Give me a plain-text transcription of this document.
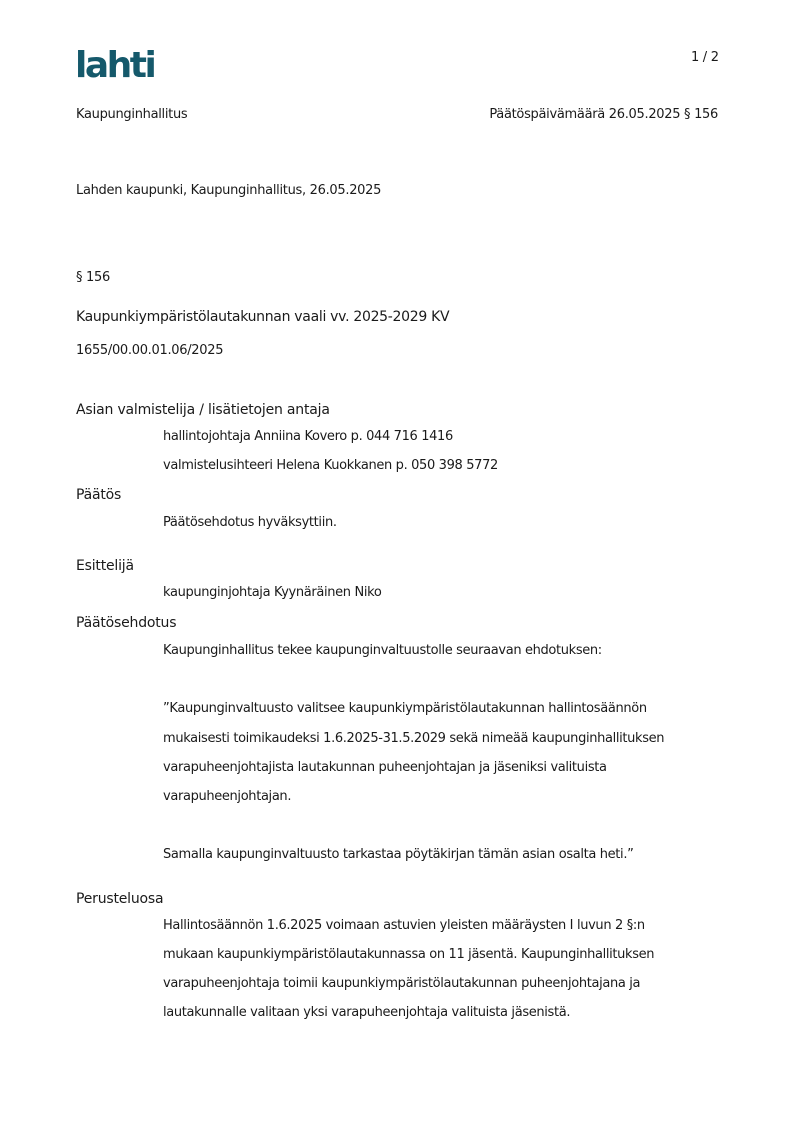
lahti	1 / 2
Kaupunginhallitus	Päätöspäivämäärä 26.05.2025 § 156
Lahden kaupunki, Kaupunginhallitus, 26.05.2025
§ 156
Kaupunkiympäristölautakunnan vaali vv. 2025-2029 KV
1655/00.00.01.06/2025
Asian valmistelija / lisätietojen antaja
hallintojohtaja Anniina Kovero p. 044 716 1416
valmistelusihteeri Helena Kuokkanen p. 050 398 5772
Päätös
Päätösehdotus hyväksyttiin.
Esittelijä
kaupunginjohtaja Kyynäräinen Niko
Päätösehdotus
Kaupunginhallitus tekee kaupunginvaltuustolle seuraavan ehdotuksen:
”Kaupunginvaltuusto valitsee kaupunkiympäristölautakunnan hallintosäännön
mukaisesti toimikaudeksi 1.6.2025-31.5.2029 sekä nimeää kaupunginhallituksen
varapuheenjohtajista lautakunnan puheenjohtajan ja jäseniksi valituista
varapuheenjohtajan.
Samalla kaupunginvaltuusto tarkastaa pöytäkirjan tämän asian osalta heti.”
Perusteluosa
Hallintosäännön 1.6.2025 voimaan astuvien yleisten määräysten I luvun 2 §:n
mukaan kaupunkiympäristölautakunnassa on 11 jäsentä. Kaupunginhallituksen
varapuheenjohtaja toimii kaupunkiympäristölautakunnan puheenjohtajana ja
lautakunnalle valitaan yksi varapuheenjohtaja valituista jäsenistä.
